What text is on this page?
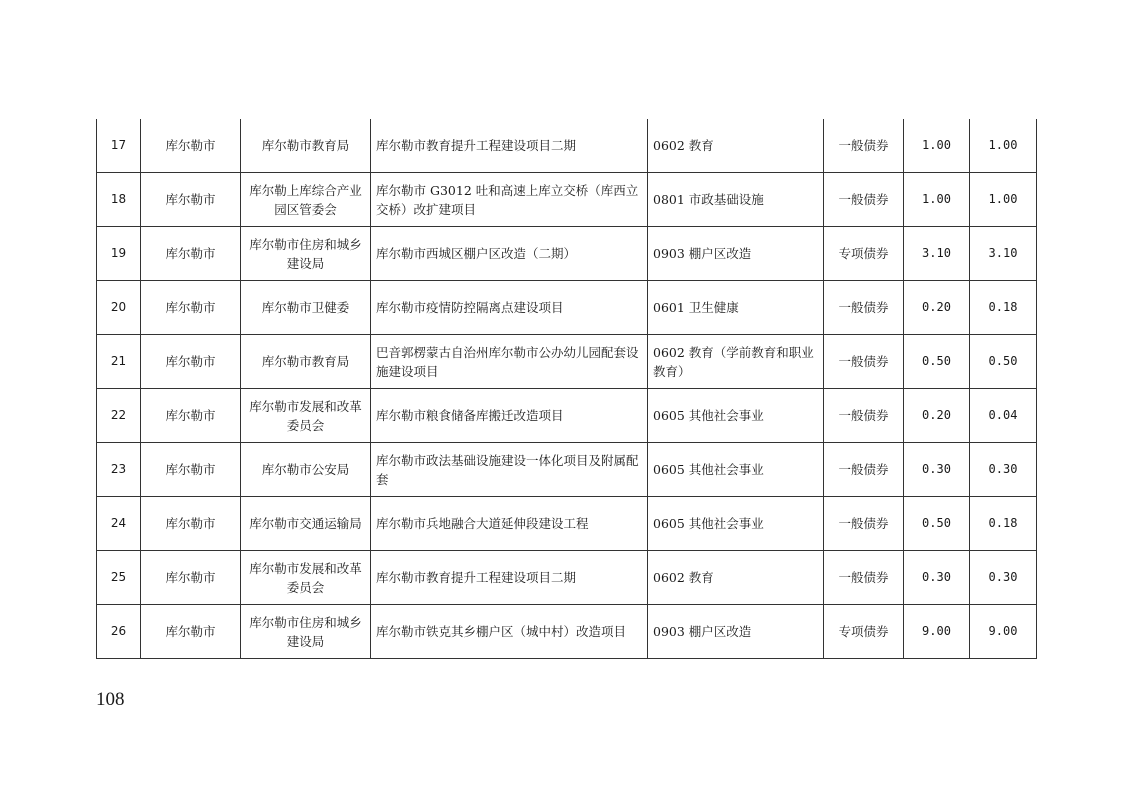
17	库尔勒市	库尔勒市教育局	库尔勒市教育提升工程建设项目二期	0602 教育	一般债券	1.00	1.00
18	库尔勒市	库尔勒上库综合产业园区管委会	库尔勒市 G3012 吐和高速上库立交桥（库西立交桥）改扩建项目	0801 市政基础设施	一般债券	1.00	1.00
19	库尔勒市	库尔勒市住房和城乡建设局	库尔勒市西城区棚户区改造（二期）	0903 棚户区改造	专项债券	3.10	3.10
20	库尔勒市	库尔勒市卫健委	库尔勒市疫情防控隔离点建设项目	0601 卫生健康	一般债券	0.20	0.18
21	库尔勒市	库尔勒市教育局	巴音郭楞蒙古自治州库尔勒市公办幼儿园配套设施建设项目	0602 教育（学前教育和职业教育）	一般债券	0.50	0.50
22	库尔勒市	库尔勒市发展和改革委员会	库尔勒市粮食储备库搬迁改造项目	0605 其他社会事业	一般债券	0.20	0.04
23	库尔勒市	库尔勒市公安局	库尔勒市政法基础设施建设一体化项目及附属配套	0605 其他社会事业	一般债券	0.30	0.30
24	库尔勒市	库尔勒市交通运输局	库尔勒市兵地融合大道延伸段建设工程	0605 其他社会事业	一般债券	0.50	0.18
25	库尔勒市	库尔勒市发展和改革委员会	库尔勒市教育提升工程建设项目二期	0602 教育	一般债券	0.30	0.30
26	库尔勒市	库尔勒市住房和城乡建设局	库尔勒市铁克其乡棚户区（城中村）改造项目	0903 棚户区改造	专项债券	9.00	9.00
108
